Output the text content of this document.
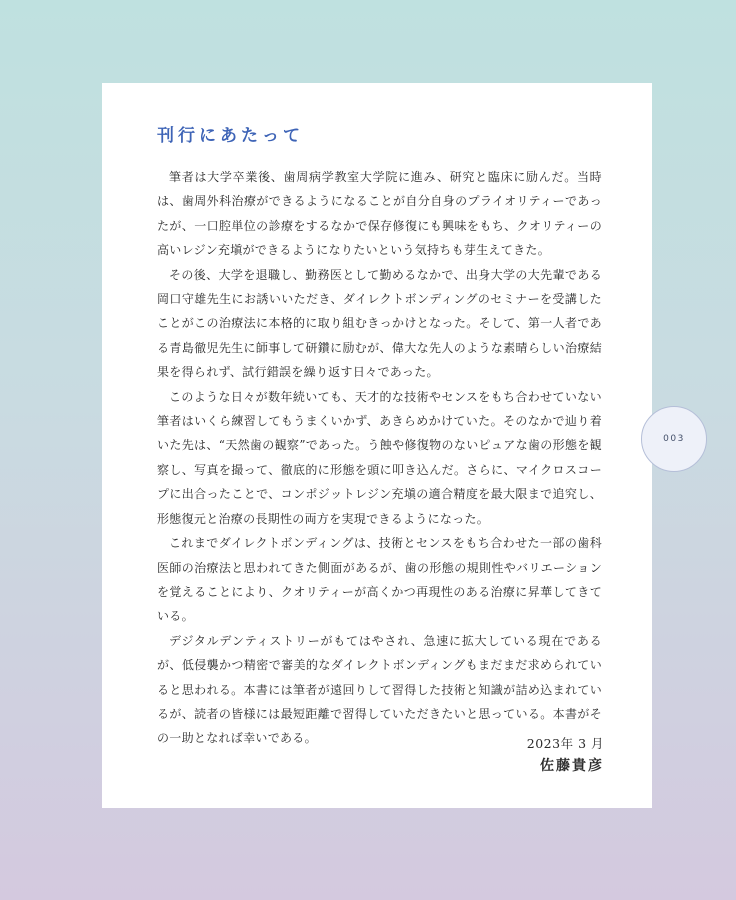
刊行にあたって

筆者は大学卒業後、歯周病学教室大学院に進み、研究と臨床に励んだ。当時は、歯周外科治療ができるようになることが自分自身のプライオリティーであったが、一口腔単位の診療をするなかで保存修復にも興味をもち、クオリティーの高いレジン充塡ができるようになりたいという気持ちも芽生えてきた。

その後、大学を退職し、勤務医として勤めるなかで、出身大学の大先輩である岡口守雄先生にお誘いいただき、ダイレクトボンディングのセミナーを受講したことがこの治療法に本格的に取り組むきっかけとなった。そして、第一人者である青島徹児先生に師事して研鑽に励むが、偉大な先人のような素晴らしい治療結果を得られず、試行錯誤を繰り返す日々であった。

このような日々が数年続いても、天才的な技術やセンスをもち合わせていない筆者はいくら練習してもうまくいかず、あきらめかけていた。そのなかで辿り着いた先は、“天然歯の観察”であった。う蝕や修復物のないピュアな歯の形態を観察し、写真を撮って、徹底的に形態を頭に叩き込んだ。さらに、マイクロスコープに出合ったことで、コンポジットレジン充塡の適合精度を最大限まで追究し、形態復元と治療の長期性の両方を実現できるようになった。

これまでダイレクトボンディングは、技術とセンスをもち合わせた一部の歯科医師の治療法と思われてきた側面があるが、歯の形態の規則性やバリエーションを覚えることにより、クオリティーが高くかつ再現性のある治療に昇華してきている。

デジタルデンティストリーがもてはやされ、急速に拡大している現在であるが、低侵襲かつ精密で審美的なダイレクトボンディングもまだまだ求められていると思われる。本書には筆者が遠回りして習得した技術と知識が詰め込まれているが、読者の皆様には最短距離で習得していただきたいと思っている。本書がその一助となれば幸いである。	2023年 3 月
佐藤貴彦
003
